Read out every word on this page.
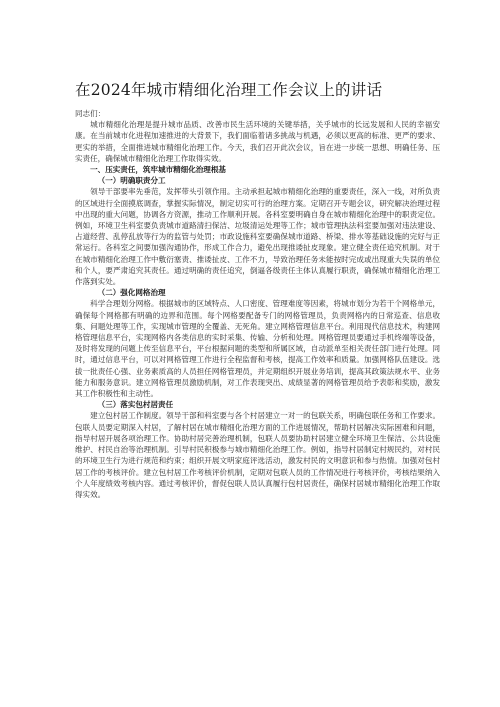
在2024年城市精细化治理工作会议上的讲话

同志们：

城市精细化治理是提升城市品质、改善市民生活环境的关键举措，关乎城市的长远发展和人民的幸福安康。在当前城市化进程加速推进的大背景下，我们面临着诸多挑战与机遇，必须以更高的标准、更严的要求、更实的举措，全面推进城市精细化治理工作。今天，我们召开此次会议，旨在进一步统一思想、明确任务、压实责任，确保城市精细化治理工作取得实效。

一、压实责任，筑牢城市精细化治理根基

（一）明确职责分工

领导干部要率先垂范，发挥带头引领作用。主动承担起城市精细化治理的重要责任，深入一线，对所负责的区域进行全面摸底调查，掌握实际情况，制定切实可行的治理方案。定期召开专题会议，研究解决治理过程中出现的重大问题，协调各方资源，推动工作顺利开展。各科室要明确自身在城市精细化治理中的职责定位。例如，环境卫生科室要负责城市道路清扫保洁、垃圾清运处理等工作；城市管理执法科室要加强对违法建设、占道经营、乱停乱放等行为的监管与处罚；市政设施科室要确保城市道路、桥梁、排水等基础设施的完好与正常运行。各科室之间要加强沟通协作，形成工作合力，避免出现推诿扯皮现象。建立健全责任追究机制。对于在城市精细化治理工作中敷衍塞责、推诿扯皮、工作不力，导致治理任务未能按时完成或出现重大失误的单位和个人，要严肃追究其责任。通过明确的责任追究，倒逼各级责任主体认真履行职责，确保城市精细化治理工作落到实处。

（二）强化网格治理

科学合理划分网格。根据城市的区域特点、人口密度、管理难度等因素，将城市划分为若干个网格单元，确保每个网格都有明确的边界和范围。每个网格要配备专门的网格管理员，负责网格内的日常巡查、信息收集、问题处理等工作，实现城市管理的全覆盖、无死角。建立网格管理信息平台。利用现代信息技术，构建网格管理信息平台，实现网格内各类信息的实时采集、传输、分析和处理。网格管理员要通过手机终端等设备，及时将发现的问题上传至信息平台，平台根据问题的类型和所属区域，自动派单至相关责任部门进行处理。同时，通过信息平台，可以对网格管理工作进行全程监督和考核，提高工作效率和质量。加强网格队伍建设。选拔一批责任心强、业务素质高的人员担任网格管理员，并定期组织开展业务培训，提高其政策法规水平、业务能力和服务意识。建立网格管理员激励机制，对工作表现突出、成绩显著的网格管理员给予表彰和奖励，激发其工作积极性和主动性。

（三）落实包村居责任

建立包村居工作制度。领导干部和科室要与各个村居建立一对一的包联关系，明确包联任务和工作要求。包联人员要定期深入村居，了解村居在城市精细化治理方面的工作进展情况，帮助村居解决实际困难和问题，指导村居开展各项治理工作。协助村居完善治理机制，包联人员要协助村居建立健全环境卫生保洁、公共设施维护、村民自治等治理机制。引导村民积极参与城市精细化治理工作。例如，指导村居制定村规民约，对村民的环境卫生行为进行规范和约束；组织开展文明家庭评选活动，激发村民的文明意识和参与热情。加强对包村居工作的考核评价。建立包村居工作考核评价机制，定期对包联人员的工作情况进行考核评价，考核结果纳入个人年度绩效考核内容。通过考核评价，督促包联人员认真履行包村居责任，确保村居城市精细化治理工作取得实效。
